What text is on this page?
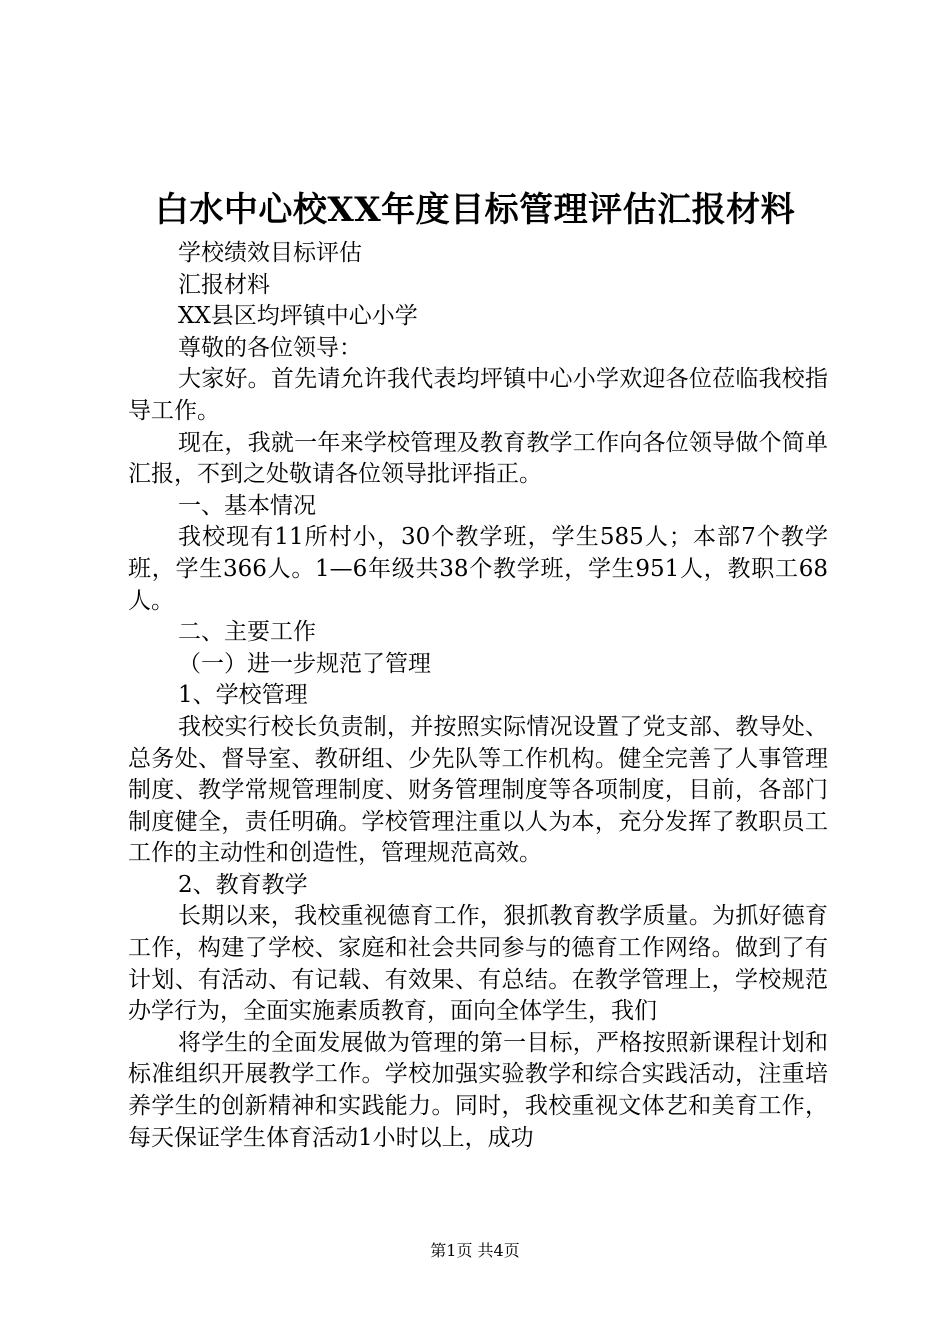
白水中心校XX年度目标管理评估汇报材料

学校绩效目标评估

汇报材料

XX县区均坪镇中心小学

尊敬的各位领导：

大家好。首先请允许我代表均坪镇中心小学欢迎各位莅临我校指导工作。

现在，我就一年来学校管理及教育教学工作向各位领导做个简单汇报，不到之处敬请各位领导批评指正。

一、基本情况

我校现有11所村小，30个教学班，学生585人；本部7个教学班，学生366人。1—6年级共38个教学班，学生951人，教职工68人。

二、主要工作

（一）进一步规范了管理

1、学校管理

我校实行校长负责制，并按照实际情况设置了党支部、教导处、总务处、督导室、教研组、少先队等工作机构。健全完善了人事管理制度、教学常规管理制度、财务管理制度等各项制度，目前，各部门制度健全，责任明确。学校管理注重以人为本，充分发挥了教职员工工作的主动性和创造性，管理规范高效。

2、教育教学

长期以来，我校重视德育工作，狠抓教育教学质量。为抓好德育工作，构建了学校、家庭和社会共同参与的德育工作网络。做到了有计划、有活动、有记载、有效果、有总结。在教学管理上，学校规范办学行为，全面实施素质教育，面向全体学生，我们

将学生的全面发展做为管理的第一目标，严格按照新课程计划和标准组织开展教学工作。学校加强实验教学和综合实践活动，注重培养学生的创新精神和实践能力。同时，我校重视文体艺和美育工作，每天保证学生体育活动1小时以上，成功

第1页 共4页
